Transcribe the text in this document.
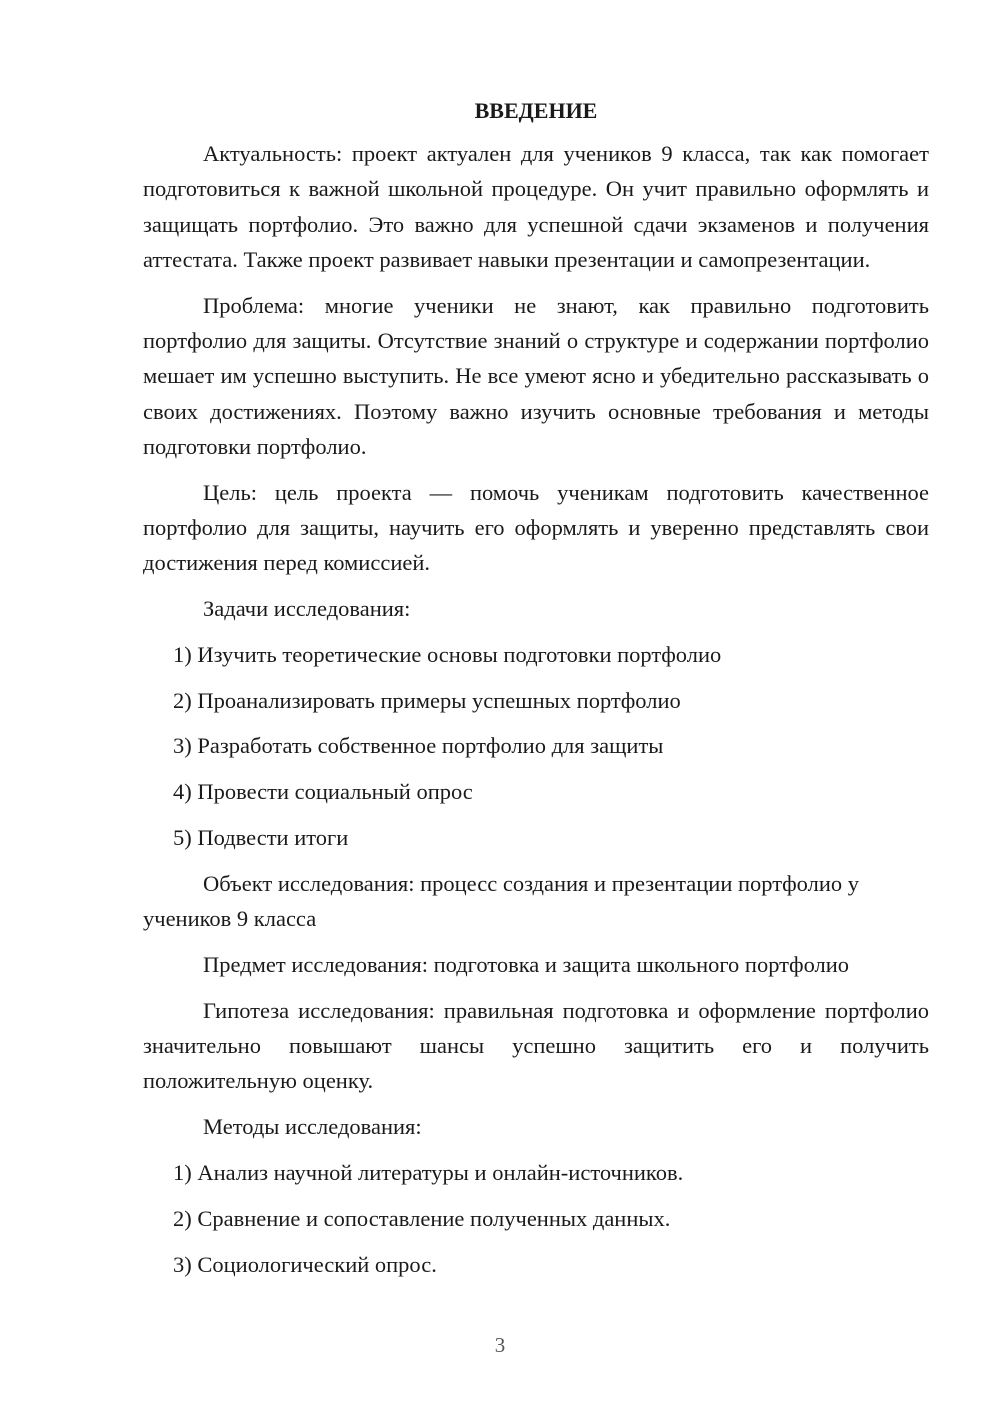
ВВЕДЕНИЕ

Актуальность: проект актуален для учеников 9 класса, так как помогает подготовиться к важной школьной процедуре. Он учит правильно оформлять и защищать портфолио. Это важно для успешной сдачи экзаменов и получения аттестата. Также проект развивает навыки презентации и самопрезентации.

Проблема: многие ученики не знают, как правильно подготовить портфолио для защиты. Отсутствие знаний о структуре и содержании портфолио мешает им успешно выступить. Не все умеют ясно и убедительно рассказывать о своих достижениях. Поэтому важно изучить основные требования и методы подготовки портфолио.

Цель: цель проекта — помочь ученикам подготовить качественное портфолио для защиты, научить его оформлять и уверенно представлять свои достижения перед комиссией.

Задачи исследования:

1) Изучить теоретические основы подготовки портфолио
2) Проанализировать примеры успешных портфолио
3) Разработать собственное портфолио для защиты
4) Провести социальный опрос
5) Подвести итоги

Объект исследования: процесс создания и презентации портфолио у учеников 9 класса

Предмет исследования: подготовка и защита школьного портфолио

Гипотеза исследования: правильная подготовка и оформление портфолио значительно повышают шансы успешно защитить его и получить положительную оценку.

Методы исследования:

1) Анализ научной литературы и онлайн-источников.
2) Сравнение и сопоставление полученных данных.
3) Социологический опрос.
3
